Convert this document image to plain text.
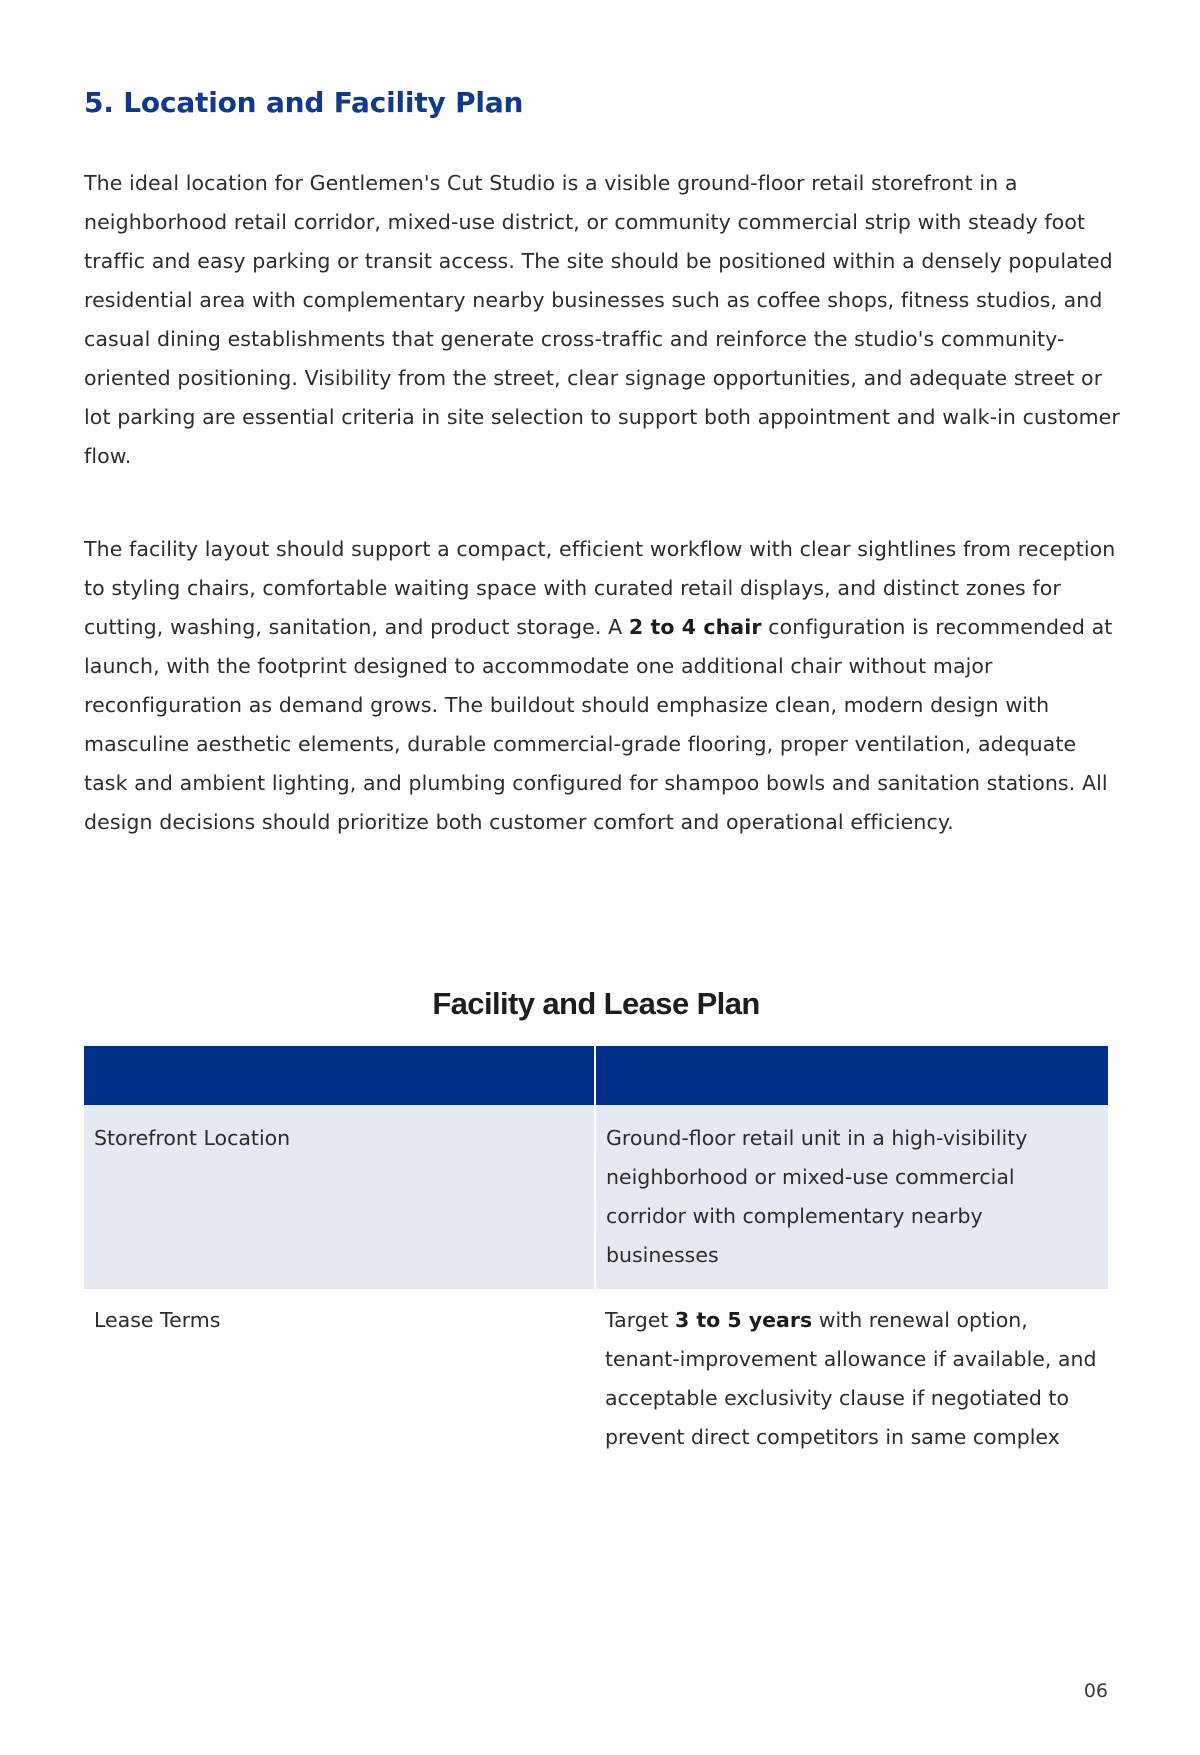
5. Location and Facility Plan

The ideal location for Gentlemen's Cut Studio is a visible ground-floor retail storefront in a neighborhood retail corridor, mixed-use district, or community commercial strip with steady foot traffic and easy parking or transit access. The site should be positioned within a densely populated residential area with complementary nearby businesses such as coffee shops, fitness studios, and casual dining establishments that generate cross-traffic and reinforce the studio's community-oriented positioning. Visibility from the street, clear signage opportunities, and adequate street or lot parking are essential criteria in site selection to support both appointment and walk-in customer flow.

The facility layout should support a compact, efficient workflow with clear sightlines from reception to styling chairs, comfortable waiting space with curated retail displays, and distinct zones for cutting, washing, sanitation, and product storage. A 2 to 4 chair configuration is recommended at launch, with the footprint designed to accommodate one additional chair without major reconfiguration as demand grows. The buildout should emphasize clean, modern design with masculine aesthetic elements, durable commercial-grade flooring, proper ventilation, adequate task and ambient lighting, and plumbing configured for shampoo bowls and sanitation stations. All design decisions should prioritize both customer comfort and operational efficiency.

Facility and Lease Plan

Storefront Location	Ground-floor retail unit in a high-visibility neighborhood or mixed-use commercial corridor with complementary nearby businesses
Lease Terms	Target 3 to 5 years with renewal option, tenant-improvement allowance if available, and acceptable exclusivity clause if negotiated to prevent direct competitors in same complex
06
